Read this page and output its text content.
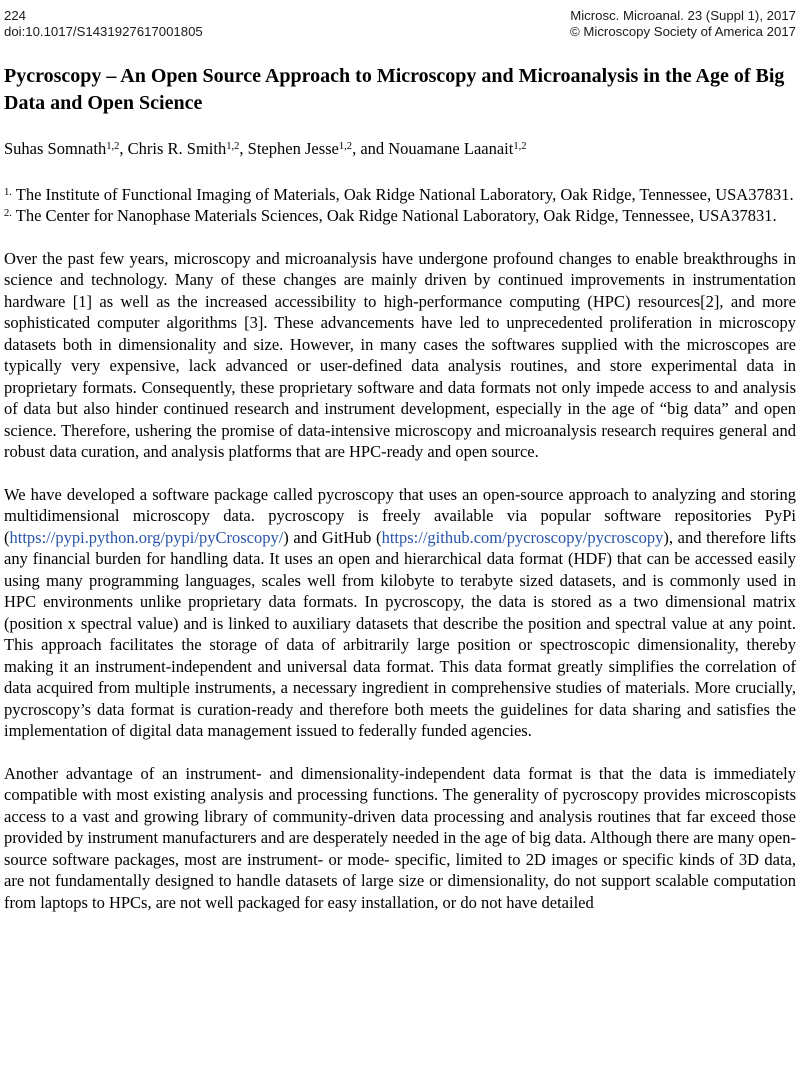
224
doi:10.1017/S1431927617001805
Microsc. Microanal. 23 (Suppl 1), 2017
© Microscopy Society of America 2017
Pycroscopy – An Open Source Approach to Microscopy and Microanalysis in the Age of Big Data and Open Science

Suhas Somnath$^{1,2}$, Chris R. Smith$^{1,2}$, Stephen Jesse$^{1,2}$, and Nouamane Laanait$^{1,2}$

$^{1.}$ The Institute of Functional Imaging of Materials, Oak Ridge National Laboratory, Oak Ridge, Tennessee, USA37831.

$^{2.}$ The Center for Nanophase Materials Sciences, Oak Ridge National Laboratory, Oak Ridge, Tennessee, USA37831.

Over the past few years, microscopy and microanalysis have undergone profound changes to enable breakthroughs in science and technology. Many of these changes are mainly driven by continued improvements in instrumentation hardware [1] as well as the increased accessibility to high-performance computing (HPC) resources[2], and more sophisticated computer algorithms [3]. These advancements have led to unprecedented proliferation in microscopy datasets both in dimensionality and size. However, in many cases the softwares supplied with the microscopes are typically very expensive, lack advanced or user-defined data analysis routines, and store experimental data in proprietary formats. Consequently, these proprietary software and data formats not only impede access to and analysis of data but also hinder continued research and instrument development, especially in the age of “big data” and open science. Therefore, ushering the promise of data-intensive microscopy and microanalysis research requires general and robust data curation, and analysis platforms that are HPC-ready and open source.

We have developed a software package called pycroscopy that uses an open-source approach to analyzing and storing multidimensional microscopy data. pycroscopy is freely available via popular software repositories PyPi (https://pypi.python.org/pypi/pyCroscopy/) and GitHub (https://github.com/pycroscopy/pycroscopy), and therefore lifts any financial burden for handling data. It uses an open and hierarchical data format (HDF) that can be accessed easily using many programming languages, scales well from kilobyte to terabyte sized datasets, and is commonly used in HPC environments unlike proprietary data formats. In pycroscopy, the data is stored as a two dimensional matrix (position x spectral value) and is linked to auxiliary datasets that describe the position and spectral value at any point. This approach facilitates the storage of data of arbitrarily large position or spectroscopic dimensionality, thereby making it an instrument-independent and universal data format. This data format greatly simplifies the correlation of data acquired from multiple instruments, a necessary ingredient in comprehensive studies of materials. More crucially, pycroscopy’s data format is curation-ready and therefore both meets the guidelines for data sharing and satisfies the implementation of digital data management issued to federally funded agencies.

Another advantage of an instrument- and dimensionality-independent data format is that the data is immediately compatible with most existing analysis and processing functions. The generality of pycroscopy provides microscopists access to a vast and growing library of community-driven data processing and analysis routines that far exceed those provided by instrument manufacturers and are desperately needed in the age of big data. Although there are many open-source software packages, most are instrument- or mode- specific, limited to 2D images or specific kinds of 3D data, are not fundamentally designed to handle datasets of large size or dimensionality, do not support scalable computation from laptops to HPCs, are not well packaged for easy installation, or do not have detailed
